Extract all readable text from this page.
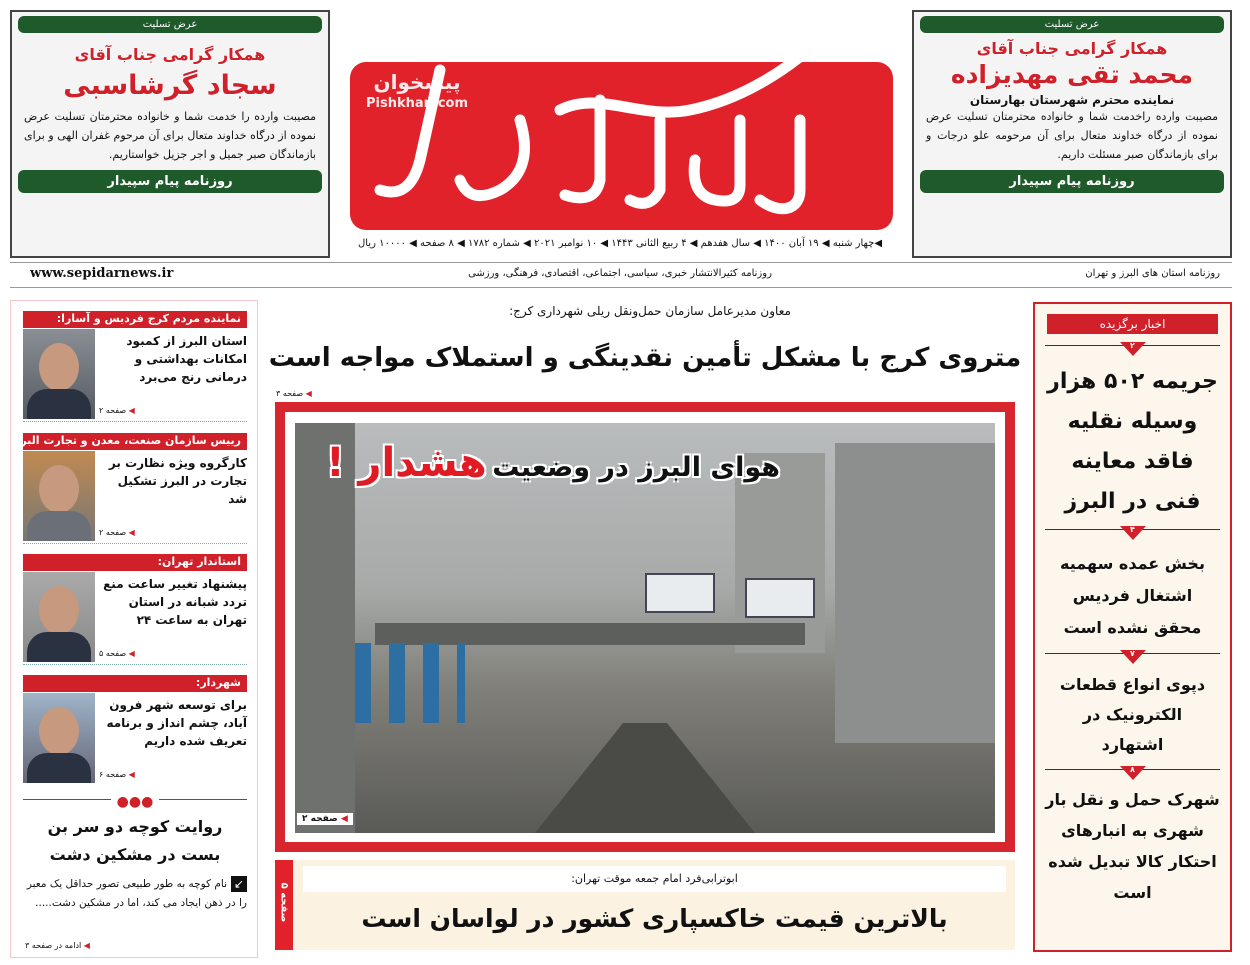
عرض تسلیت
همکار گرامی جناب آقای
محمد تقی مهدیزاده
نماینده محترم شهرستان بهارستان
مصیبت وارده راخدمت شما و خانواده محترمتان تسلیت عرض نموده از درگاه خداوند متعال برای آن مرحومه علو درجات و برای بازماندگان صبر مسئلت داریم.
روزنامه پیام سپیدار
عرض تسلیت
همکار گرامی جناب آقای
سجاد گرشاسبی
مصیبت وارده را خدمت شما و خانواده محترمتان تسلیت عرض نموده از درگاه خداوند متعال برای آن مرحوم غفران الهی و برای بازماندگان صبر جمیل و اجر جزیل خواستاریم.
روزنامه پیام سپیدار
پیشخوان
Pishkhan.com
◀چهار شنبه ◀ ۱۹ آبان ۱۴۰۰ ◀ سال هفدهم ◀ ۴ ربیع الثانی ۱۴۴۳ ◀ ۱۰ نوامبر ۲۰۲۱ ◀ شماره ۱۷۸۲ ◀ ۸ صفحه ◀ ۱۰۰۰۰ ریال
روزنامه استان های البرز و تهران
روزنامه کثیرالانتشار خبری، سیاسی، اجتماعی، اقتصادی، فرهنگی، ورزشی
www.sepidarnews.ir
نماینده مردم کرج فردیس و آسارا:
استان البرز از کمبود امکانات بهداشتی و درمانی رنج می‌برد
◀ صفحه ۲
رییس سازمان صنعت، معدن و تجارت البرز:
کارگروه ویژه نظارت بر تجارت در البرز تشکیل شد
◀ صفحه ۲
استاندار تهران:
پیشنهاد تغییر ساعت منع تردد شبانه در استان تهران به ساعت ۲۴
◀ صفحه ۵
شهردار:
برای توسعه شهر فرون آباد، چشم انداز و برنامه تعریف شده داریم
◀ صفحه ۶
●●●
روایت کوچه دو سر بن بست در مشکین دشت
↙نام کوچه به طور طبیعی تصور حداقل یک معبر را در ذهن ایجاد می کند، اما در مشکین دشت.....
◀ ادامه در صفحه ۳
معاون مدیرعامل سازمان حمل‌ونقل ریلی شهرداری کرج:
متروی کرج با مشکل تأمین نقدینگی و استملاک مواجه است
◀ صفحه ۳
هوای البرز در وضعیت هشدار !
◀ صفحه ۲
صفحه ۵
ابوترابی‌فرد امام جمعه موقت تهران:
بالاترین قیمت خاکسپاری کشور در لواسان است
اخبار برگزیده
۲
جریمه ۵۰۲ هزار وسیله نقلیه فاقد معاینه فنی در البرز
۴
بخش عمده سهمیه اشتغال فردیس محقق نشده است
۷
دپوی انواع قطعات الکترونیک در اشتهارد
۸
شهرک حمل و نقل بار شهری به انبارهای احتکار کالا تبدیل شده است
